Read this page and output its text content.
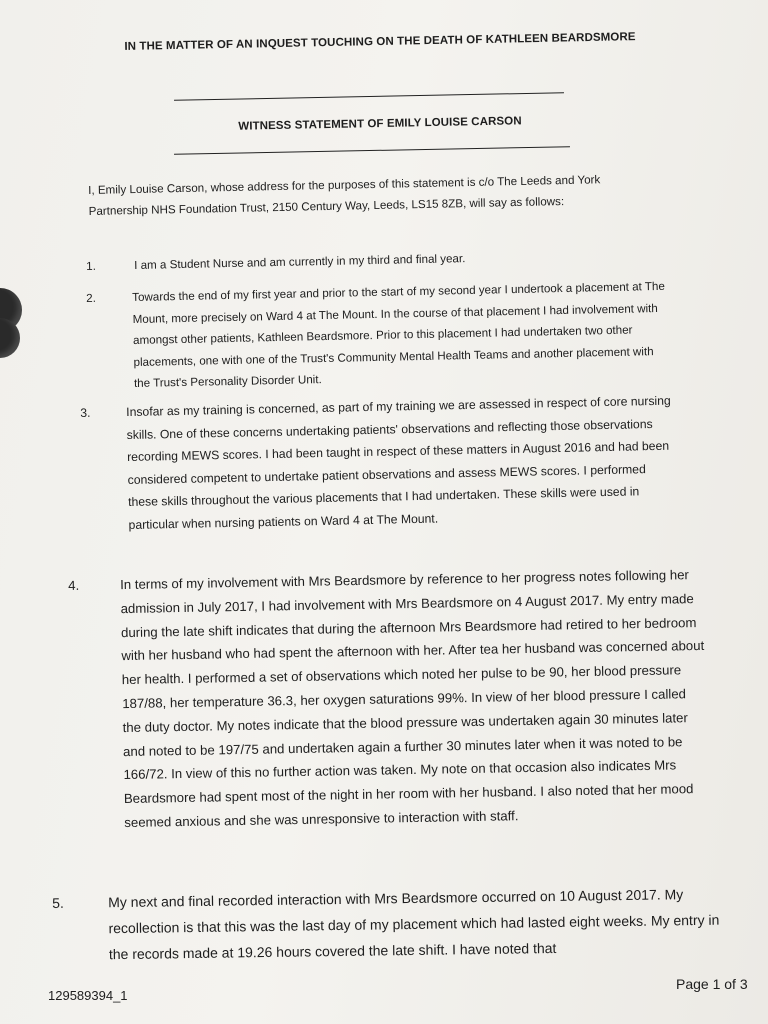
IN THE MATTER OF AN INQUEST TOUCHING ON THE DEATH OF KATHLEEN BEARDSMORE
WITNESS STATEMENT OF EMILY LOUISE CARSON
I, Emily Louise Carson, whose address for the purposes of this statement is c/o The Leeds and York Partnership NHS Foundation Trust, 2150 Century Way, Leeds, LS15 8ZB, will say as follows:
1.	I am a Student Nurse and am currently in my third and final year.
2.	Towards the end of my first year and prior to the start of my second year I undertook a placement at The Mount, more precisely on Ward 4 at The Mount. In the course of that placement I had involvement with amongst other patients, Kathleen Beardsmore. Prior to this placement I had undertaken two other placements, one with one of the Trust's Community Mental Health Teams and another placement with the Trust's Personality Disorder Unit.
3.	Insofar as my training is concerned, as part of my training we are assessed in respect of core nursing skills. One of these concerns undertaking patients' observations and reflecting those observations recording MEWS scores. I had been taught in respect of these matters in August 2016 and had been considered competent to undertake patient observations and assess MEWS scores. I performed these skills throughout the various placements that I had undertaken. These skills were used in particular when nursing patients on Ward 4 at The Mount.
4.	In terms of my involvement with Mrs Beardsmore by reference to her progress notes following her admission in July 2017, I had involvement with Mrs Beardsmore on 4 August 2017. My entry made during the late shift indicates that during the afternoon Mrs Beardsmore had retired to her bedroom with her husband who had spent the afternoon with her. After tea her husband was concerned about her health. I performed a set of observations which noted her pulse to be 90, her blood pressure 187/88, her temperature 36.3, her oxygen saturations 99%. In view of her blood pressure I called the duty doctor. My notes indicate that the blood pressure was undertaken again 30 minutes later and noted to be 197/75 and undertaken again a further 30 minutes later when it was noted to be 166/72. In view of this no further action was taken. My note on that occasion also indicates Mrs Beardsmore had spent most of the night in her room with her husband. I also noted that her mood seemed anxious and she was unresponsive to interaction with staff.
5.	My next and final recorded interaction with Mrs Beardsmore occurred on 10 August 2017. My recollection is that this was the last day of my placement which had lasted eight weeks. My entry in the records made at 19.26 hours covered the late shift. I have noted that
129589394_1
Page 1 of 3
